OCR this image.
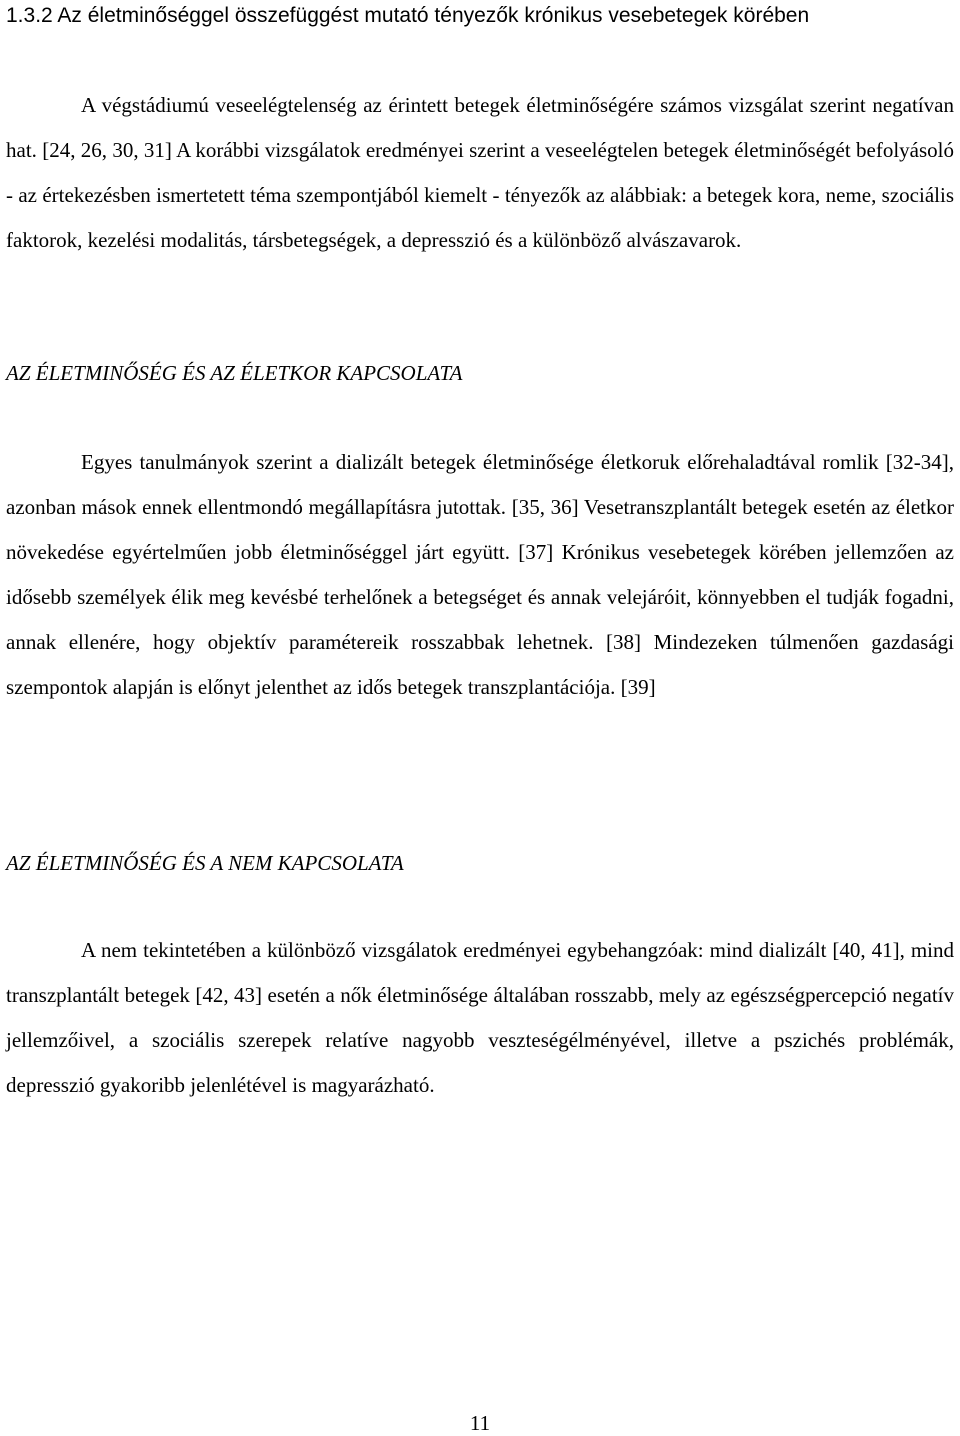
1.3.2 Az életminőséggel összefüggést mutató tényezők krónikus vesebetegek körében

A végstádiumú veseelégtelenség az érintett betegek életminőségére számos vizsgálat szerint negatívan hat. [24, 26, 30, 31] A korábbi vizsgálatok eredményei szerint a veseelégtelen betegek életminőségét befolyásoló - az értekezésben ismertetett téma szempontjából kiemelt - tényezők az alábbiak: a betegek kora, neme, szociális faktorok, kezelési modalitás, társbetegségek, a depresszió és a különböző alvászavarok.

AZ ÉLETMINŐSÉG ÉS AZ ÉLETKOR KAPCSOLATA

Egyes tanulmányok szerint a dializált betegek életminősége életkoruk előrehaladtával romlik [32-34], azonban mások ennek ellentmondó megállapításra jutottak. [35, 36] Vesetranszplantált betegek esetén az életkor növekedése egyértelműen jobb életminőséggel járt együtt. [37] Krónikus vesebetegek körében jellemzően az idősebb személyek élik meg kevésbé terhelőnek a betegséget és annak velejáróit, könnyebben el tudják fogadni, annak ellenére, hogy objektív paramétereik rosszabbak lehetnek. [38] Mindezeken túlmenően gazdasági szempontok alapján is előnyt jelenthet az idős betegek transzplantációja. [39]

AZ ÉLETMINŐSÉG ÉS A NEM KAPCSOLATA

A nem tekintetében a különböző vizsgálatok eredményei egybehangzóak: mind dializált [40, 41], mind transzplantált betegek [42, 43] esetén a nők életminősége általában rosszabb, mely az egészségpercepció negatív jellemzőivel, a szociális szerepek relatíve nagyobb veszteségélményével, illetve a pszichés problémák, depresszió gyakoribb jelenlétével is magyarázható.

11
